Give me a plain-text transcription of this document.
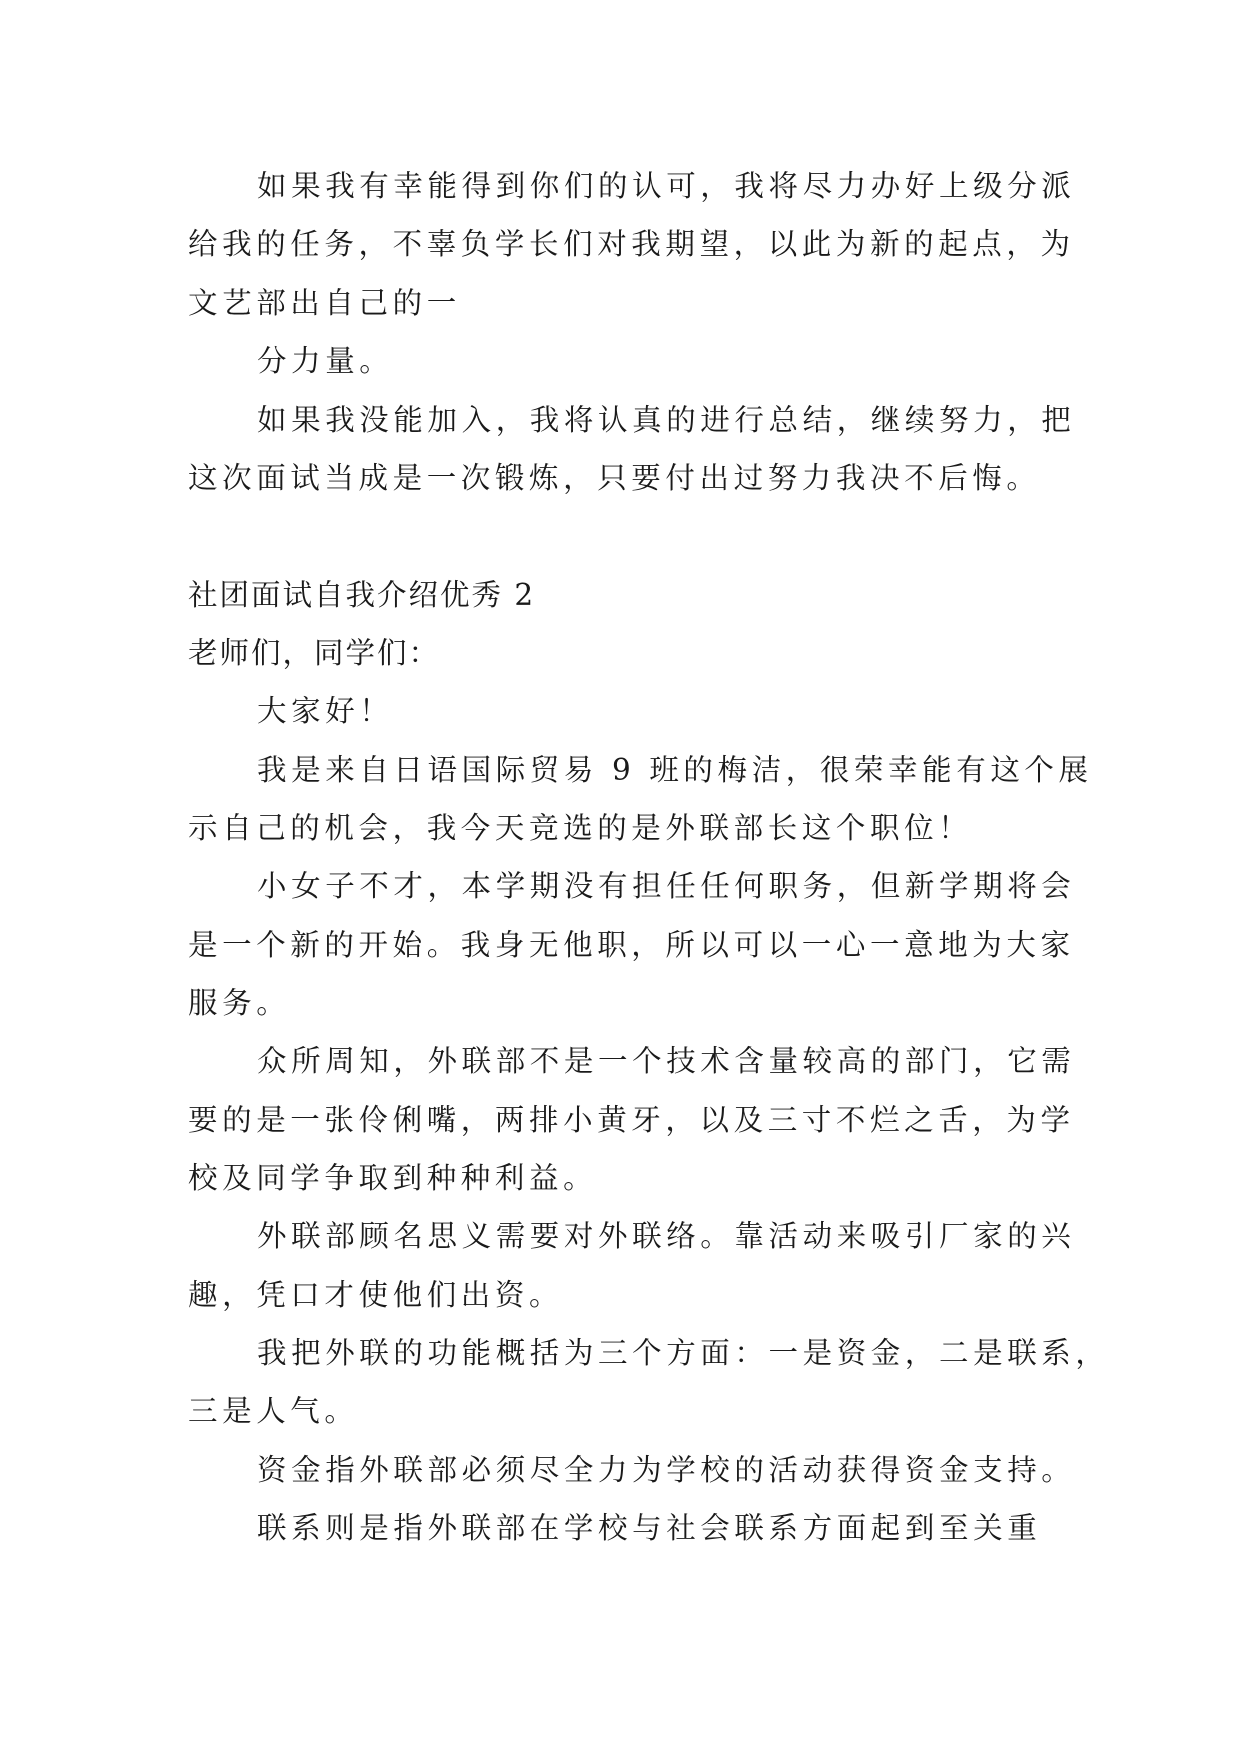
如果我有幸能得到你们的认可，我将尽力办好上级分派

给我的任务，不辜负学长们对我期望，以此为新的起点，为

文艺部出自己的一

分力量。

如果我没能加入，我将认真的进行总结，继续努力，把

这次面试当成是一次锻炼，只要付出过努力我决不后悔。

社团面试自我介绍优秀 2

老师们，同学们：

大家好！

我是来自日语国际贸易 9 班的梅洁，很荣幸能有这个展

示自己的机会，我今天竞选的是外联部长这个职位！

小女子不才，本学期没有担任任何职务，但新学期将会

是一个新的开始。我身无他职，所以可以一心一意地为大家

服务。

众所周知，外联部不是一个技术含量较高的部门，它需

要的是一张伶俐嘴，两排小黄牙，以及三寸不烂之舌，为学

校及同学争取到种种利益。

外联部顾名思义需要对外联络。靠活动来吸引厂家的兴

趣，凭口才使他们出资。

我把外联的功能概括为三个方面：一是资金，二是联系，

三是人气。

资金指外联部必须尽全力为学校的活动获得资金支持。

联系则是指外联部在学校与社会联系方面起到至关重
